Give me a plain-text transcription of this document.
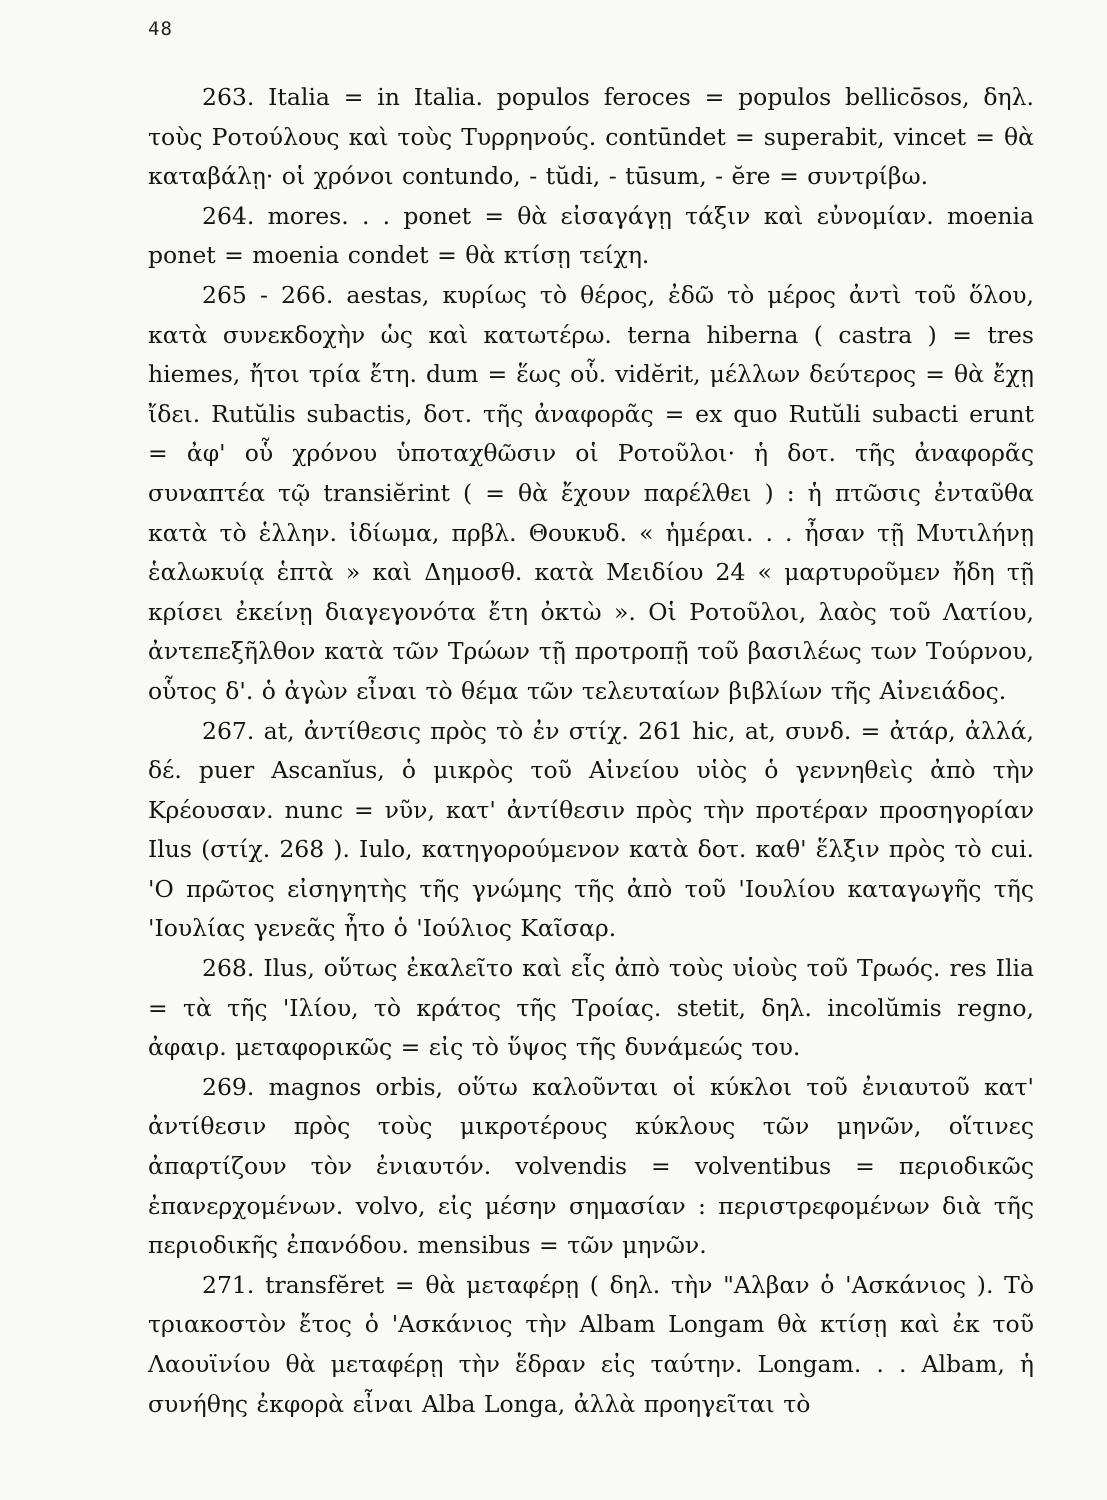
48

263. Italia = in Italia. populos feroces = populos bellicōsos, δηλ. τοὺς Ροτούλους καὶ τοὺς Τυρρηνούς. contūndet = superabit, vincet = θὰ καταβάλῃ· οἱ χρόνοι contundo, - tŭdi, - tūsum, - ĕre = συντρίβω.

264. mores. . . ponet = θὰ εἰσαγάγῃ τάξιν καὶ εὐνομίαν. moenia ponet = moenia condet = θὰ κτίσῃ τείχη.

265 - 266. aestas, κυρίως τὸ θέρος, ἐδῶ τὸ μέρος ἀντὶ τοῦ ὅλου, κατὰ συνεκδοχὴν ὡς καὶ κατωτέρω. terna hiberna ( castra ) = tres hiemes, ἤτοι τρία ἔτη. dum = ἕως οὗ. vidĕrit, μέλλων δεύτερος = θὰ ἔχῃ ἴδει. Rutŭlis subactis, δοτ. τῆς ἀναφορᾶς = ex quo Rutŭli subacti erunt = ἀφ' οὗ χρόνου ὑποταχθῶσιν οἱ Ροτοῦλοι· ἡ δοτ. τῆς ἀναφορᾶς συναπτέα τῷ transiĕrint ( = θὰ ἔχουν παρέλθει ) : ἡ πτῶσις ἐνταῦθα κατὰ τὸ ἑλλην. ἰδίωμα, πρβλ. Θουκυδ. « ἡμέραι. . . ἦσαν τῇ Μυτιλήνῃ ἑαλωκυίᾳ ἑπτὰ » καὶ Δημοσθ. κατὰ Μειδίου 24 « μαρτυροῦμεν ἤδη τῇ κρίσει ἐκείνῃ διαγεγονότα ἔτη ὀκτὼ ». Οἱ Ροτοῦλοι, λαὸς τοῦ Λατίου, ἀντεπεξῆλθον κατὰ τῶν Τρώων τῇ προτροπῇ τοῦ βασιλέως των Τούρνου, οὗτος δ'. ὁ ἀγὼν εἶναι τὸ θέμα τῶν τελευταίων βιβλίων τῆς Αἰνειάδος.

267. at, ἀντίθεσις πρὸς τὸ ἐν στίχ. 261 hic, at, συνδ. = ἀτάρ, ἀλλά, δέ. puer Ascanĭus, ὁ μικρὸς τοῦ Αἰνείου υἱὸς ὁ γεννηθεὶς ἀπὸ τὴν Κρέουσαν. nunc = νῦν, κατ' ἀντίθεσιν πρὸς τὴν προτέραν προσηγορίαν Ilus (στίχ. 268 ). Iulo, κατηγορούμενον κατὰ δοτ. καθ' ἕλξιν πρὸς τὸ cui. 'Ο πρῶτος εἰσηγητὴς τῆς γνώμης τῆς ἀπὸ τοῦ 'Ιουλίου καταγωγῆς τῆς 'Ιουλίας γενεᾶς ἦτο ὁ 'Ιούλιος Καῖσαρ.

268. Ilus, οὕτως ἐκαλεῖτο καὶ εἷς ἀπὸ τοὺς υἱοὺς τοῦ Τρωός. res Ilia = τὰ τῆς 'Ιλίου, τὸ κράτος τῆς Τροίας. stetit, δηλ. incolŭmis regno, ἀφαιρ. μεταφορικῶς = εἰς τὸ ὕψος τῆς δυνάμεώς του.

269. magnos orbis, οὕτω καλοῦνται οἱ κύκλοι τοῦ ἐνιαυτοῦ κατ' ἀντίθεσιν πρὸς τοὺς μικροτέρους κύκλους τῶν μηνῶν, οἵτινες ἀπαρτίζουν τὸν ἐνιαυτόν. volvendis = volventibus = περιοδικῶς ἐπανερχομένων. volvo, εἰς μέσην σημασίαν : περιστρεφομένων διὰ τῆς περιοδικῆς ἐπανόδου. mensibus = τῶν μηνῶν.

271. transfĕret = θὰ μεταφέρῃ ( δηλ. τὴν "Αλβαν ὁ 'Ασκάνιος ). Τὸ τριακοστὸν ἔτος ὁ 'Ασκάνιος τὴν Albam Longam θὰ κτίσῃ καὶ ἐκ τοῦ Λαουϊνίου θὰ μεταφέρῃ τὴν ἕδραν εἰς ταύτην. Longam. . . Albam, ἡ συνήθης ἐκφορὰ εἶναι Alba Longa, ἀλλὰ προηγεῖται τὸ
